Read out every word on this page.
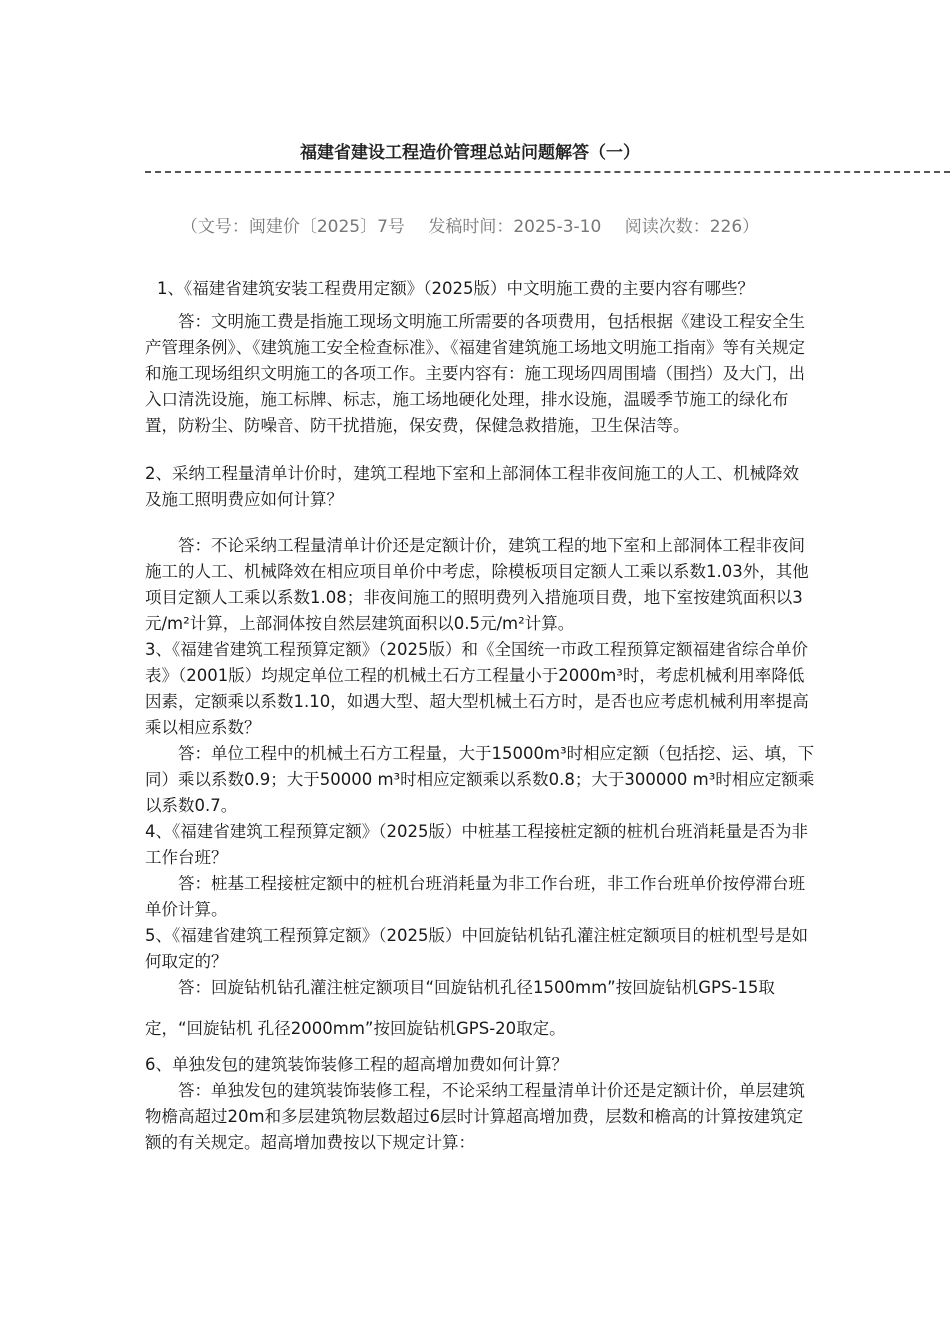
福建省建设工程造价管理总站问题解答（一）
（文号：闽建价〔2025〕7号 发稿时间：2025-3-10 阅读次数：226）

1、《福建省建筑安装工程费用定额》（2025版）中文明施工费的主要内容有哪些？

答：文明施工费是指施工现场文明施工所需要的各项费用，包括根据《建设工程安全生产管理条例》、《建筑施工安全检查标准》、《福建省建筑施工场地文明施工指南》等有关规定和施工现场组织文明施工的各项工作。主要内容有：施工现场四周围墙（围挡）及大门，出入口清洗设施，施工标牌、标志，施工场地硬化处理，排水设施，温暖季节施工的绿化布置，防粉尘、防噪音、防干扰措施，保安费，保健急救措施，卫生保洁等。

2、采纳工程量清单计价时，建筑工程地下室和上部洞体工程非夜间施工的人工、机械降效及施工照明费应如何计算？

答：不论采纳工程量清单计价还是定额计价，建筑工程的地下室和上部洞体工程非夜间施工的人工、机械降效在相应项目单价中考虑，除模板项目定额人工乘以系数1.03外，其他项目定额人工乘以系数1.08；非夜间施工的照明费列入措施项目费，地下室按建筑面积以3元/m²计算，上部洞体按自然层建筑面积以0.5元/m²计算。

3、《福建省建筑工程预算定额》（2025版）和《全国统一市政工程预算定额福建省综合单价表》（2001版）均规定单位工程的机械土石方工程量小于2000m³时，考虑机械利用率降低因素，定额乘以系数1.10，如遇大型、超大型机械土石方时，是否也应考虑机械利用率提高乘以相应系数？

答：单位工程中的机械土石方工程量，大于15000m³时相应定额（包括挖、运、填，下同）乘以系数0.9；大于50000 m³时相应定额乘以系数0.8；大于300000 m³时相应定额乘以系数0.7。

4、《福建省建筑工程预算定额》（2025版）中桩基工程接桩定额的桩机台班消耗量是否为非工作台班？

答：桩基工程接桩定额中的桩机台班消耗量为非工作台班，非工作台班单价按停滞台班单价计算。

5、《福建省建筑工程预算定额》（2025版）中回旋钻机钻孔灌注桩定额项目的桩机型号是如何取定的？

答：回旋钻机钻孔灌注桩定额项目“回旋钻机孔径1500mm”按回旋钻机GPS-15取定，“回旋钻机 孔径2000mm”按回旋钻机GPS-20取定。

6、单独发包的建筑装饰装修工程的超高增加费如何计算？

答：单独发包的建筑装饰装修工程，不论采纳工程量清单计价还是定额计价，单层建筑物檐高超过20m和多层建筑物层数超过6层时计算超高增加费，层数和檐高的计算按建筑定额的有关规定。超高增加费按以下规定计算：
